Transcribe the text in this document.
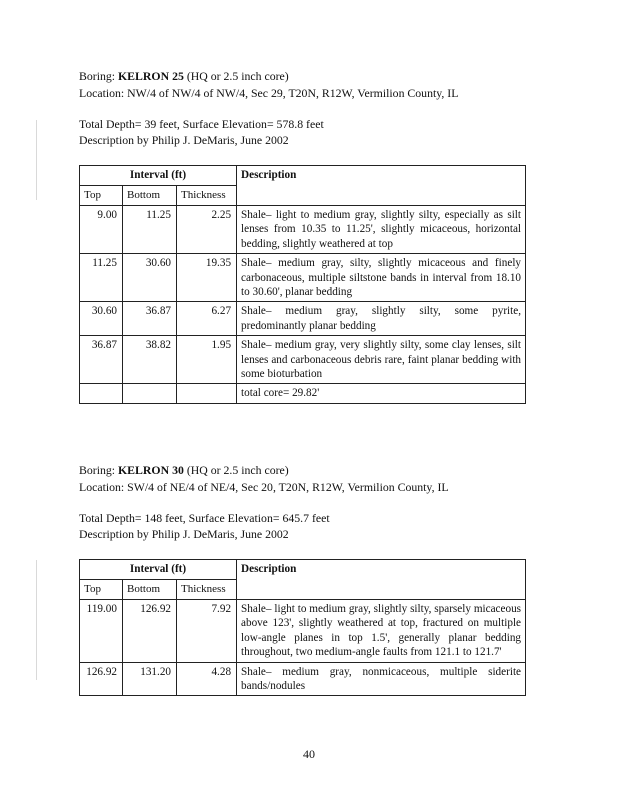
Boring: KELRON 25 (HQ or 2.5 inch core)
Location: NW/4 of NW/4 of NW/4, Sec 29, T20N, R12W, Vermilion County, IL
Total Depth= 39 feet, Surface Elevation= 578.8 feet
Description by Philip J. DeMaris, June 2002
Interval (ft)			Description
Top	Bottom	Thickness	
9.00	11.25	2.25	Shale– light to medium gray, slightly silty, especially as silt lenses from 10.35 to 11.25', slightly micaceous, horizontal bedding, slightly weathered at top
11.25	30.60	19.35	Shale– medium gray, silty, slightly micaceous and finely carbonaceous, multiple siltstone bands in interval from 18.10 to 30.60', planar bedding
30.60	36.87	6.27	Shale– medium gray, slightly silty, some pyrite, predominantly planar bedding
36.87	38.82	1.95	Shale– medium gray, very slightly silty, some clay lenses, silt lenses and carbonaceous debris rare, faint planar bedding with some bioturbation
			total core= 29.82'
Boring: KELRON 30 (HQ or 2.5 inch core)
Location: SW/4 of NE/4 of NE/4, Sec 20, T20N, R12W, Vermilion County, IL
Total Depth= 148 feet, Surface Elevation= 645.7 feet
Description by Philip J. DeMaris, June 2002
Interval (ft)			Description
Top	Bottom	Thickness	
119.00	126.92	7.92	Shale– light to medium gray, slightly silty, sparsely micaceous above 123', slightly weathered at top, fractured on multiple low-angle planes in top 1.5', generally planar bedding throughout, two medium-angle faults from 121.1 to 121.7'
126.92	131.20	4.28	Shale– medium gray, nonmicaceous, multiple siderite bands/nodules
40
